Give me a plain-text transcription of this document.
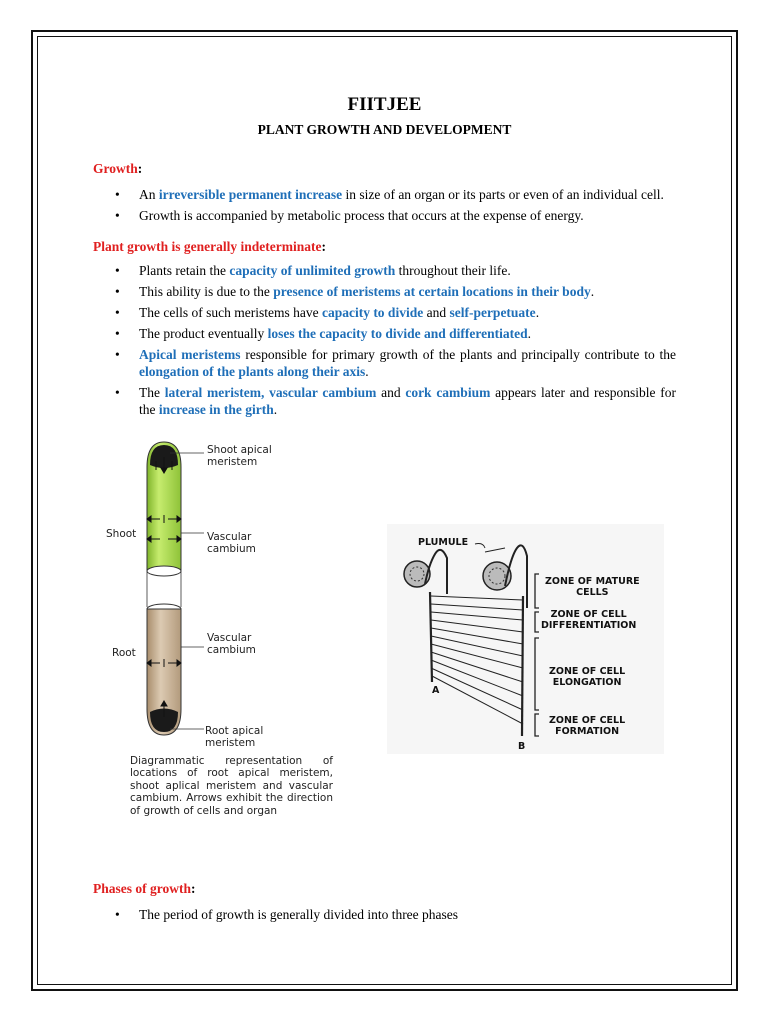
FIITJEE
PLANT GROWTH AND DEVELOPMENT
Growth:
• An irreversible permanent increase in size of an organ or its parts or even of an individual cell.
• Growth is accompanied by metabolic process that occurs at the expense of energy.
Plant growth is generally indeterminate:
• Plants retain the capacity of unlimited growth throughout their life.
• This ability is due to the presence of meristems at certain locations in their body.
• The cells of such meristems have capacity to divide and self-perpetuate.
• The product eventually loses the capacity to divide and differentiated.
• Apical meristems responsible for primary growth of the plants and principally contribute to the elongation of the plants along their axis.
• The lateral meristem, vascular cambium and cork cambium appears later and responsible for the increase in the girth.
Shoot apical
meristem
Shoot	Vascular
cambium
Root
Vascular
cambium
Root apical
meristem
Diagrammatic representation of locations of root apical meristem, shoot aplical meristem and vascular cambium. Arrows exhibit the direction of growth of cells and organ
PLUMULE
ZONE OF MATURE
CELLS
ZONE OF CELL
DIFFERENTIATION
ZONE OF CELL
ELONGATION
ZONE OF CELL
FORMATION
A
B
Phases of growth:
• The period of growth is generally divided into three phases
